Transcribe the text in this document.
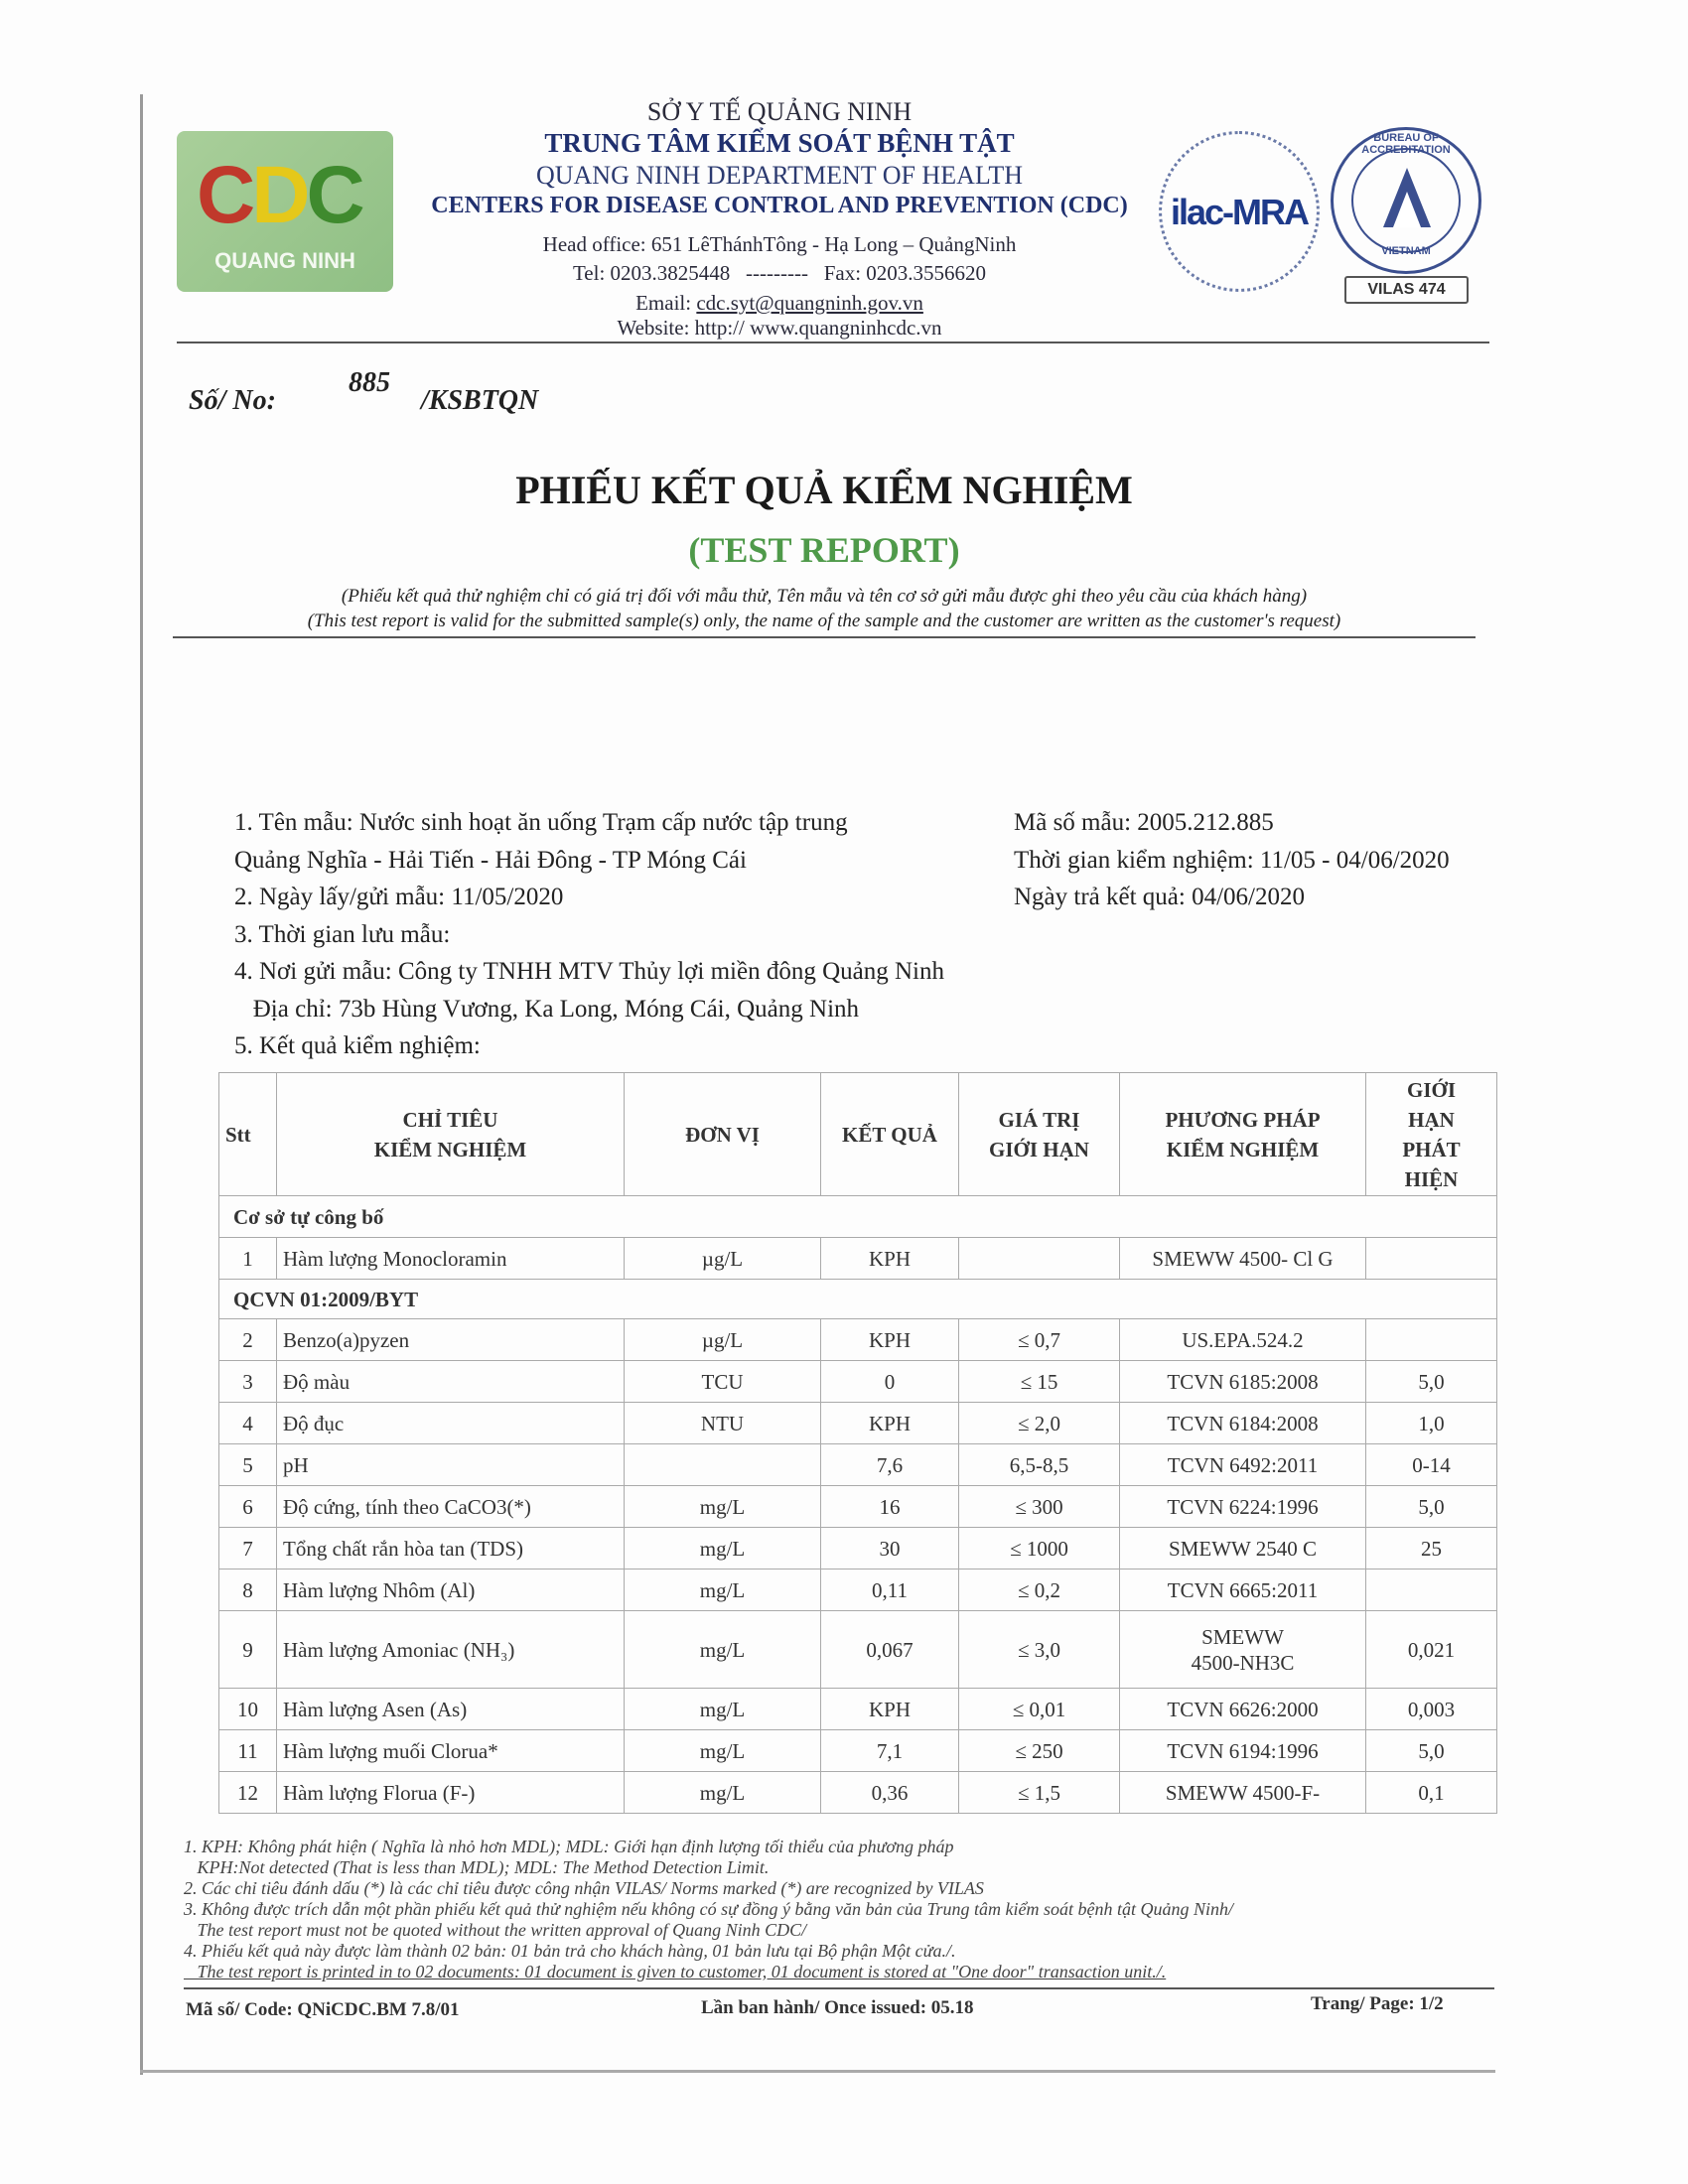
CDC
QUANG NINH
SỞ Y TẾ QUẢNG NINH
TRUNG TÂM KIỂM SOÁT BỆNH TẬT
QUANG NINH DEPARTMENT OF HEALTH
CENTERS FOR DISEASE CONTROL AND PREVENTION (CDC)
Head office: 651 LêThánhTông - Hạ Long – QuảngNinh
Tel: 0203.3825448   ---------   Fax: 0203.3556620
Email: cdc.syt@quangninh.gov.vn
Website: http:// www.quangninhcdc.vn
ilac-MRA
BUREAU OF ACCREDITATION
VIETNAM
VILAS 474
Số/ No:
885
/KSBTQN
PHIẾU KẾT QUẢ KIỂM NGHIỆM
(TEST REPORT)
(Phiếu kết quả thử nghiệm chỉ có giá trị đối với mẫu thử, Tên mẫu và tên cơ sở gửi mẫu được ghi theo yêu cầu của khách hàng)
(This test report is valid for the submitted sample(s) only, the name of the sample and the customer are written as the customer's request)
1. Tên mẫu: Nước sinh hoạt ăn uống Trạm cấp nước tập trung
Quảng Nghĩa - Hải Tiến - Hải Đông - TP Móng Cái
2. Ngày lấy/gửi mẫu: 11/05/2020
3. Thời gian lưu mẫu:
4. Nơi gửi mẫu: Công ty TNHH MTV Thủy lợi miền đông Quảng Ninh
Địa chỉ: 73b Hùng Vương, Ka Long, Móng Cái, Quảng Ninh
5. Kết quả kiểm nghiệm:
Mã số mẫu: 2005.212.885
Thời gian kiểm nghiệm: 11/05 - 04/06/2020
Ngày trả kết quả: 04/06/2020
Stt	CHỈ TIÊU
KIỂM NGHIỆM	ĐƠN VỊ	KẾT QUẢ	GIÁ TRỊ
GIỚI HẠN	PHƯƠNG PHÁP
KIỂM NGHIỆM	GIỚI
HẠN
PHÁT
HIỆN
Cơ sở tự công bố						
1	Hàm lượng Monocloramin	µg/L	KPH		SMEWW 4500- Cl G	
QCVN 01:2009/BYT						
2	Benzo(a)pyzen	µg/L	KPH	≤ 0,7	US.EPA.524.2	
3	Độ màu	TCU	0	≤ 15	TCVN 6185:2008	5,0
4	Độ đục	NTU	KPH	≤ 2,0	TCVN 6184:2008	1,0
5	pH		7,6	6,5-8,5	TCVN 6492:2011	0-14
6	Độ cứng, tính theo CaCO3(*)	mg/L	16	≤ 300	TCVN 6224:1996	5,0
7	Tổng chất rắn hòa tan (TDS)	mg/L	30	≤ 1000	SMEWW 2540 C	25
8	Hàm lượng Nhôm (Al)	mg/L	0,11	≤ 0,2	TCVN 6665:2011	
9	Hàm lượng Amoniac (NH₃)	mg/L	0,067	≤ 3,0	SMEWW
4500-NH3C	0,021
10	Hàm lượng Asen (As)	mg/L	KPH	≤ 0,01	TCVN 6626:2000	0,003
11	Hàm lượng muối Clorua*	mg/L	7,1	≤ 250	TCVN 6194:1996	5,0
12	Hàm lượng Florua (F-)	mg/L	0,36	≤ 1,5	SMEWW 4500-F-	0,1
1. KPH: Không phát hiện ( Nghĩa là nhỏ hơn MDL); MDL: Giới hạn định lượng tối thiểu của phương pháp
KPH:Not detected (That is less than MDL); MDL: The Method Detection Limit.
2. Các chỉ tiêu đánh dấu (*) là các chỉ tiêu được công nhận VILAS/ Norms marked (*) are recognized by VILAS
3. Không được trích dẫn một phần phiếu kết quả thử nghiệm nếu không có sự đồng ý bằng văn bản của Trung tâm kiểm soát bệnh tật Quảng Ninh/
The test report must not be quoted without the written approval of Quang Ninh CDC/
4. Phiếu kết quả này được làm thành 02 bản: 01 bản trả cho khách hàng, 01 bản lưu tại Bộ phận Một cửa./.
The test report is printed in to 02 documents: 01 document is given to customer, 01 document is stored at "One door" transaction unit./.
Mã số/ Code: QNiCDC.BM 7.8/01	Lần ban hành/ Once issued: 05.18	Trang/ Page: 1/2
